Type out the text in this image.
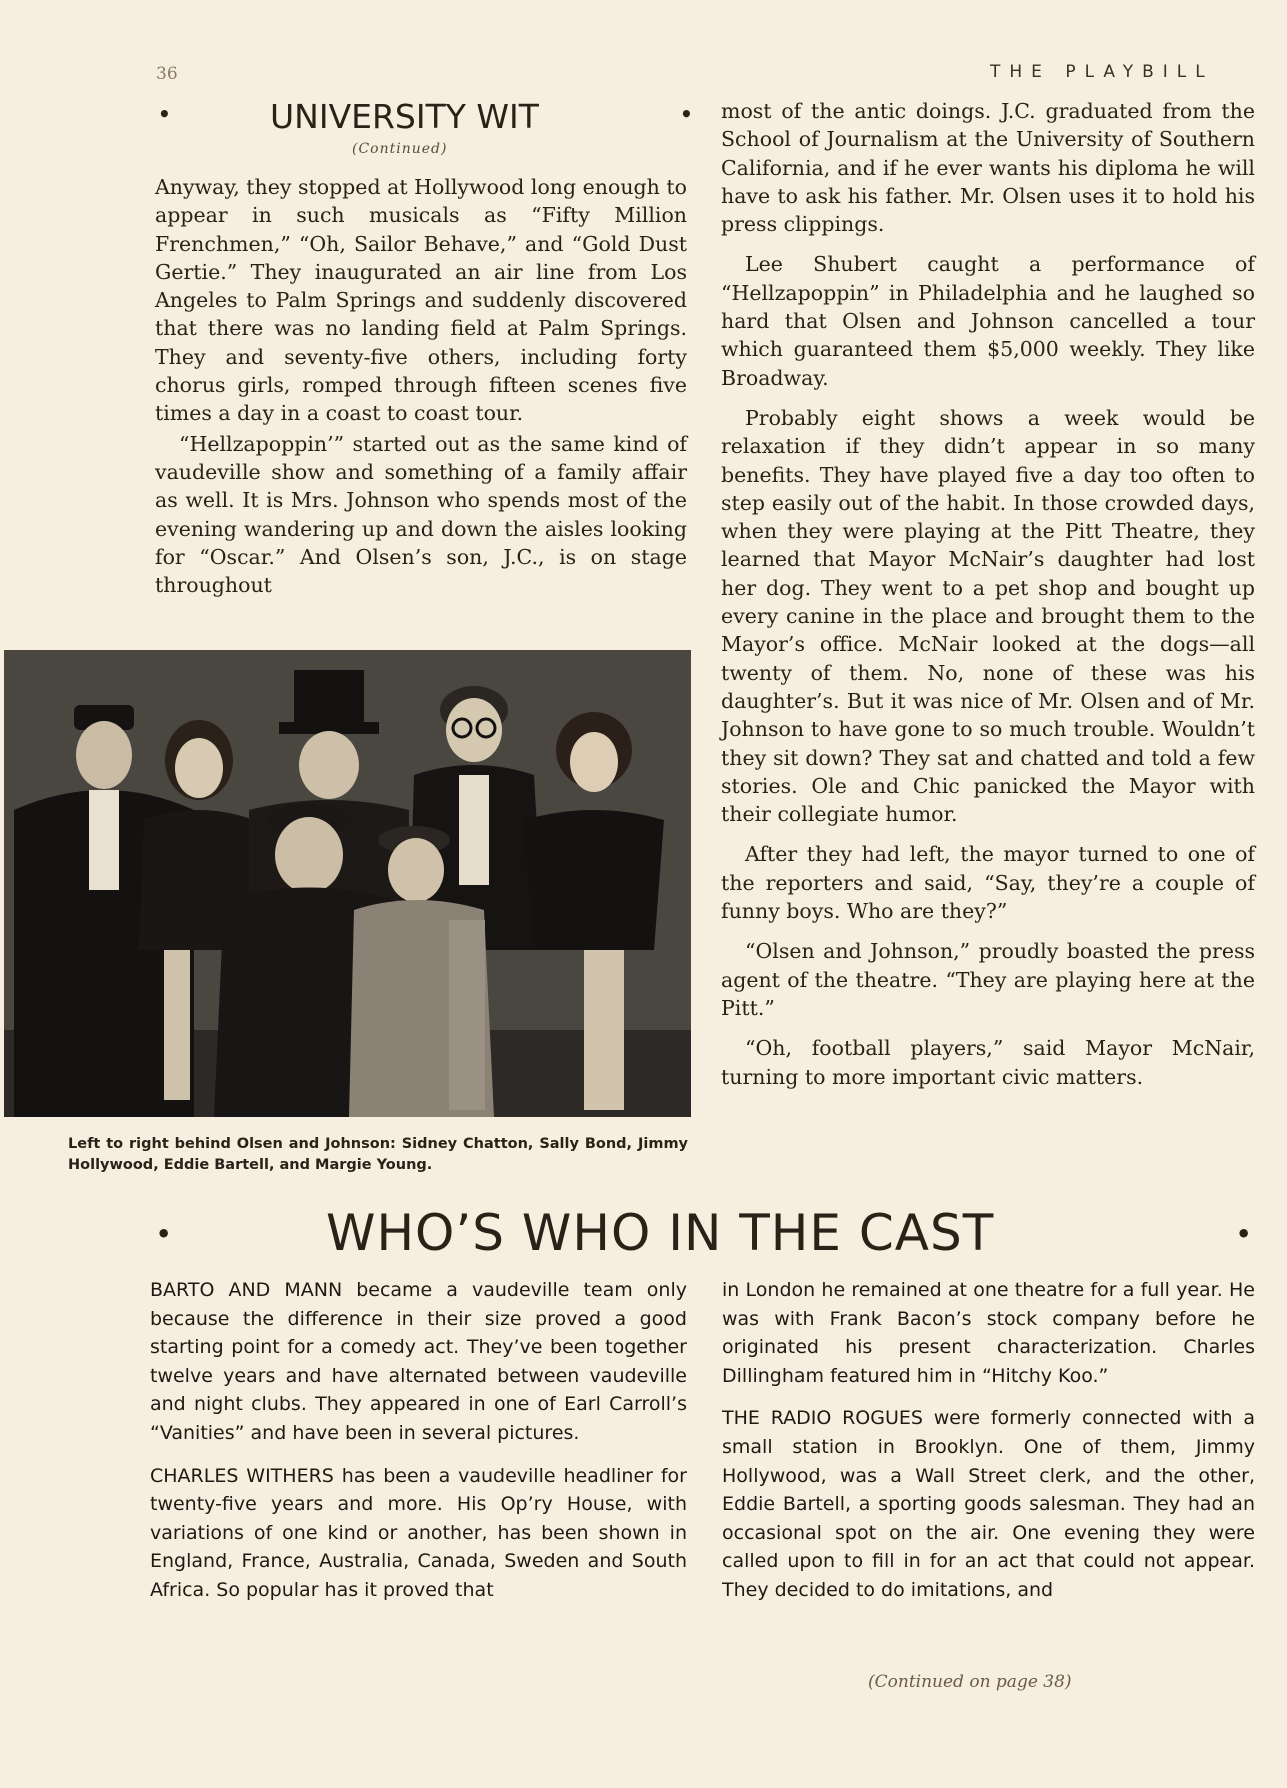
36	THE PLAYBILL
•	UNIVERSITY WIT	•
(Continued)

Anyway, they stopped at Hollywood long enough to appear in such musicals as “Fifty Million Frenchmen,” “Oh, Sailor Behave,” and “Gold Dust Gertie.” They inaugurated an air line from Los Angeles to Palm Springs and suddenly discovered that there was no landing field at Palm Springs. They and seventy-five others, including forty chorus girls, romped through fifteen scenes five times a day in a coast to coast tour.

“Hellzapoppin’” started out as the same kind of vaudeville show and something of a family affair as well. It is Mrs. Johnson who spends most of the evening wandering up and down the aisles looking for “Oscar.” And Olsen’s son, J.C., is on stage throughout

Left to right behind Olsen and Johnson: Sidney Chatton, Sally Bond, Jimmy Hollywood, Eddie Bartell, and Margie Young.

most of the antic doings. J.C. graduated from the School of Journalism at the University of Southern California, and if he ever wants his diploma he will have to ask his father. Mr. Olsen uses it to hold his press clippings.

Lee Shubert caught a performance of “Hellzapoppin” in Philadelphia and he laughed so hard that Olsen and Johnson cancelled a tour which guaranteed them $5,000 weekly. They like Broadway.

Probably eight shows a week would be relaxation if they didn’t appear in so many benefits. They have played five a day too often to step easily out of the habit. In those crowded days, when they were playing at the Pitt Theatre, they learned that Mayor McNair’s daughter had lost her dog. They went to a pet shop and bought up every canine in the place and brought them to the Mayor’s office. McNair looked at the dogs—all twenty of them. No, none of these was his daughter’s. But it was nice of Mr. Olsen and of Mr. Johnson to have gone to so much trouble. Wouldn’t they sit down? They sat and chatted and told a few stories. Ole and Chic panicked the Mayor with their collegiate humor.

After they had left, the mayor turned to one of the reporters and said, “Say, they’re a couple of funny boys. Who are they?”

“Olsen and Johnson,” proudly boasted the press agent of the theatre. “They are playing here at the Pitt.”

“Oh, football players,” said Mayor McNair, turning to more important civic matters.

•	WHO’S WHO IN THE CAST	•

BARTO AND MANN became a vaudeville team only because the difference in their size proved a good starting point for a comedy act. They’ve been together twelve years and have alternated between vaudeville and night clubs. They appeared in one of Earl Carroll’s “Vanities” and have been in several pictures.

CHARLES WITHERS has been a vaudeville headliner for twenty-five years and more. His Op’ry House, with variations of one kind or another, has been shown in England, France, Australia, Canada, Sweden and South Africa. So popular has it proved that

in London he remained at one theatre for a full year. He was with Frank Bacon’s stock company before he originated his present characterization. Charles Dillingham featured him in “Hitchy Koo.”

THE RADIO ROGUES were formerly connected with a small station in Brooklyn. One of them, Jimmy Hollywood, was a Wall Street clerk, and the other, Eddie Bartell, a sporting goods salesman. They had an occasional spot on the air. One evening they were called upon to fill in for an act that could not appear. They decided to do imitations, and

(Continued on page 38)
